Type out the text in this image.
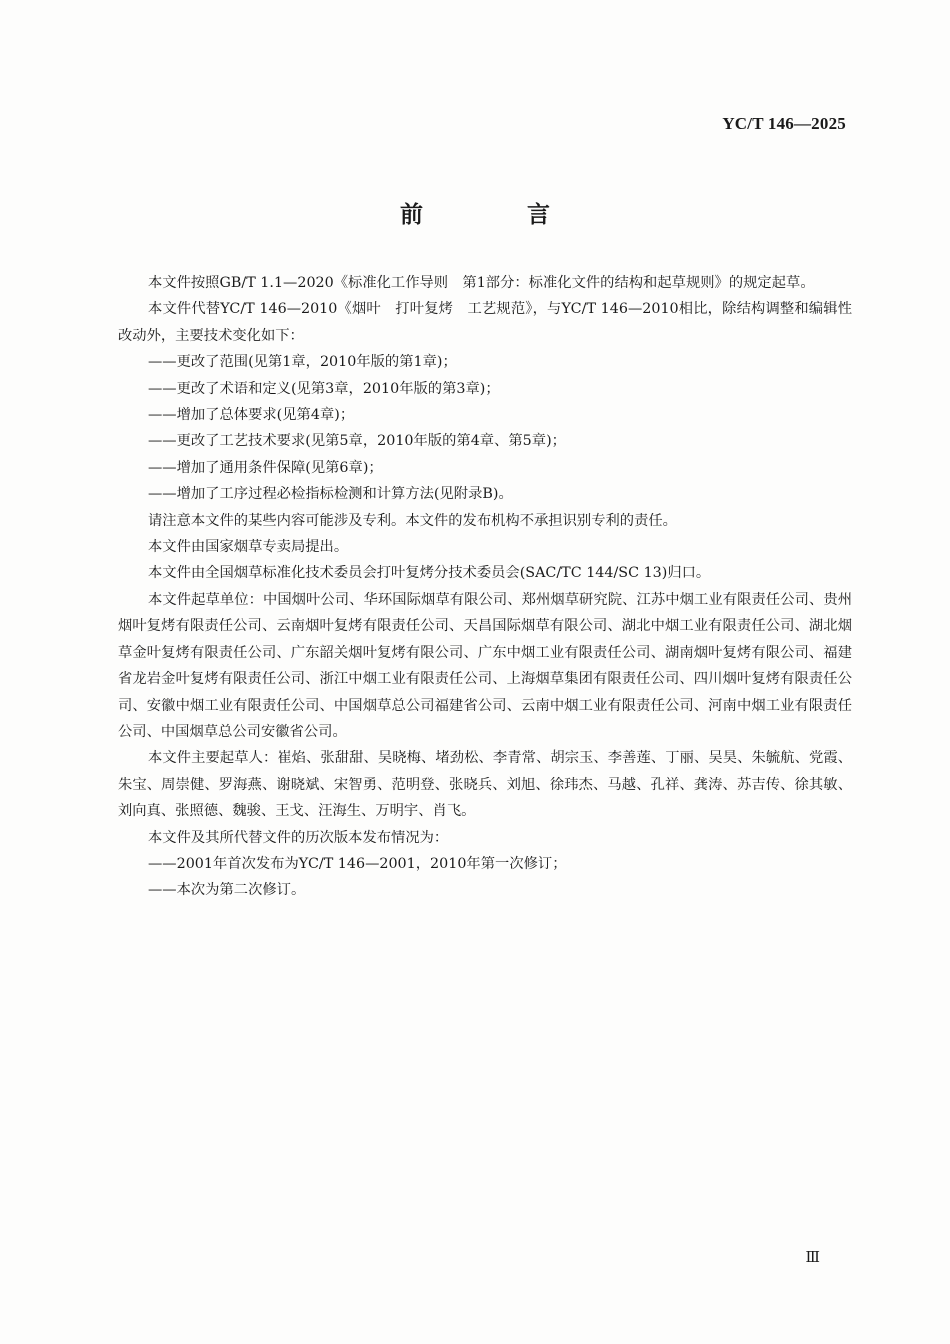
YC/T 146—2025
前 言

本文件按照GB/T 1.1—2020《标准化工作导则　第1部分：标准化文件的结构和起草规则》的规定起草。

本文件代替YC/T 146—2010《烟叶　打叶复烤　工艺规范》，与YC/T 146—2010相比，除结构调整和编辑性改动外，主要技术变化如下：

——更改了范围(见第1章，2010年版的第1章)；

——更改了术语和定义(见第3章，2010年版的第3章)；

——增加了总体要求(见第4章)；

——更改了工艺技术要求(见第5章，2010年版的第4章、第5章)；

——增加了通用条件保障(见第6章)；

——增加了工序过程必检指标检测和计算方法(见附录B)。

请注意本文件的某些内容可能涉及专利。本文件的发布机构不承担识别专利的责任。

本文件由国家烟草专卖局提出。

本文件由全国烟草标准化技术委员会打叶复烤分技术委员会(SAC/TC 144/SC 13)归口。

本文件起草单位：中国烟叶公司、华环国际烟草有限公司、郑州烟草研究院、江苏中烟工业有限责任公司、贵州烟叶复烤有限责任公司、云南烟叶复烤有限责任公司、天昌国际烟草有限公司、湖北中烟工业有限责任公司、湖北烟草金叶复烤有限责任公司、广东韶关烟叶复烤有限公司、广东中烟工业有限责任公司、湖南烟叶复烤有限公司、福建省龙岩金叶复烤有限责任公司、浙江中烟工业有限责任公司、上海烟草集团有限责任公司、四川烟叶复烤有限责任公司、安徽中烟工业有限责任公司、中国烟草总公司福建省公司、云南中烟工业有限责任公司、河南中烟工业有限责任公司、中国烟草总公司安徽省公司。

本文件主要起草人：崔焰、张甜甜、吴晓梅、堵劲松、李青常、胡宗玉、李善莲、丁丽、吴昊、朱毓航、党霞、朱宝、周崇健、罗海燕、谢晓斌、宋智勇、范明登、张晓兵、刘旭、徐玮杰、马越、孔祥、龚涛、苏吉传、徐其敏、刘向真、张照德、魏骏、王戈、汪海生、万明宇、肖飞。

本文件及其所代替文件的历次版本发布情况为：

——2001年首次发布为YC/T 146—2001，2010年第一次修订；

——本次为第二次修订。

Ⅲ
